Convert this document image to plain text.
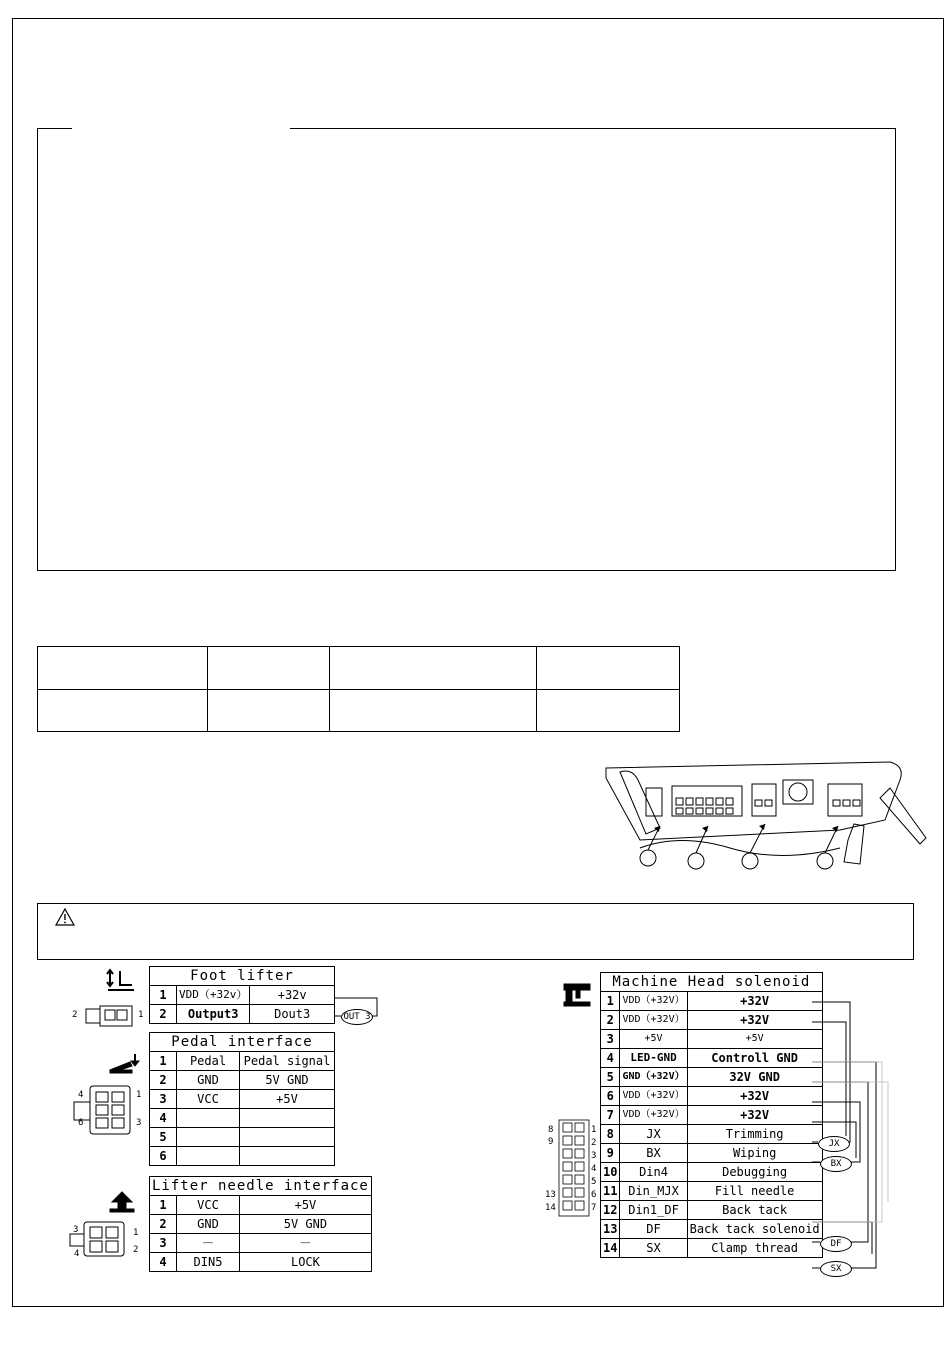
2	1
Foot lifter		
1	VDD（+32v）	+32v
2	Output3	Dout3	OUT 3
4	1
6	3
Pedal interface		
1	Pedal	Pedal signal
2	GND	5V GND
3	VCC	+5V
4		
5		
6		
3	1
4	2
Lifter needle interface		
1	VCC	+5V
2	GND	5V GND
3	——	——
4	DIN5	LOCK
8
9
13
14
1
2
3
4
5
6
7
Machine Head solenoid		
1	VDD（+32V）	+32V
2	VDD（+32V）	+32V
3	+5V	+5V
4	LED-GND	Controll GND
5	GND（+32V）	32V GND
6	VDD（+32V）	+32V
7	VDD（+32V）	+32V
8	JX	Trimming
9	BX	Wiping
10	Din4	Debugging
11	Din_MJX	Fill needle
12	Din1_DF	Back tack
13	DF	Back tack solenoid
14	SX	Clamp thread
JX
BX
DF
SX
